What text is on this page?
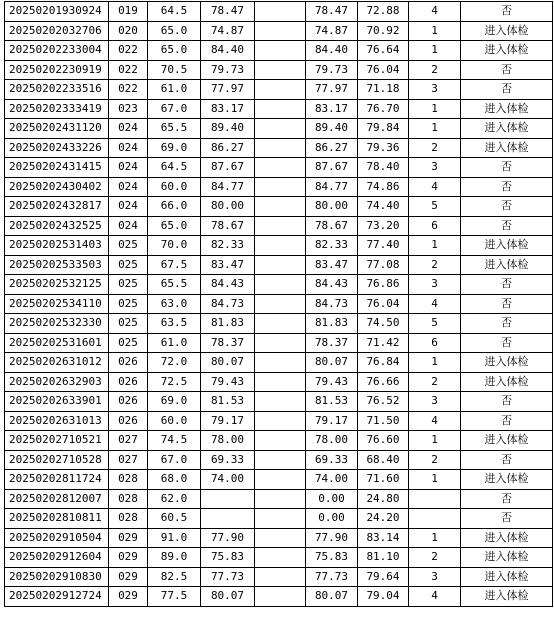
20250201930924	019	64.5	78.47		78.47	72.88	4	否
20250202032706	020	65.0	74.87		74.87	70.92	1	进入体检
20250202233004	022	65.0	84.40		84.40	76.64	1	进入体检
20250202230919	022	70.5	79.73		79.73	76.04	2	否
20250202233516	022	61.0	77.97		77.97	71.18	3	否
20250202333419	023	67.0	83.17		83.17	76.70	1	进入体检
20250202431120	024	65.5	89.40		89.40	79.84	1	进入体检
20250202433226	024	69.0	86.27		86.27	79.36	2	进入体检
20250202431415	024	64.5	87.67		87.67	78.40	3	否
20250202430402	024	60.0	84.77		84.77	74.86	4	否
20250202432817	024	66.0	80.00		80.00	74.40	5	否
20250202432525	024	65.0	78.67		78.67	73.20	6	否
20250202531403	025	70.0	82.33		82.33	77.40	1	进入体检
20250202533503	025	67.5	83.47		83.47	77.08	2	进入体检
20250202532125	025	65.5	84.43		84.43	76.86	3	否
20250202534110	025	63.0	84.73		84.73	76.04	4	否
20250202532330	025	63.5	81.83		81.83	74.50	5	否
20250202531601	025	61.0	78.37		78.37	71.42	6	否
20250202631012	026	72.0	80.07		80.07	76.84	1	进入体检
20250202632903	026	72.5	79.43		79.43	76.66	2	进入体检
20250202633901	026	69.0	81.53		81.53	76.52	3	否
20250202631013	026	60.0	79.17		79.17	71.50	4	否
20250202710521	027	74.5	78.00		78.00	76.60	1	进入体检
20250202710528	027	67.0	69.33		69.33	68.40	2	否
20250202811724	028	68.0	74.00		74.00	71.60	1	进入体检
20250202812007	028	62.0			0.00	24.80		否
20250202810811	028	60.5			0.00	24.20		否
20250202910504	029	91.0	77.90		77.90	83.14	1	进入体检
20250202912604	029	89.0	75.83		75.83	81.10	2	进入体检
20250202910830	029	82.5	77.73		77.73	79.64	3	进入体检
20250202912724	029	77.5	80.07		80.07	79.04	4	进入体检
